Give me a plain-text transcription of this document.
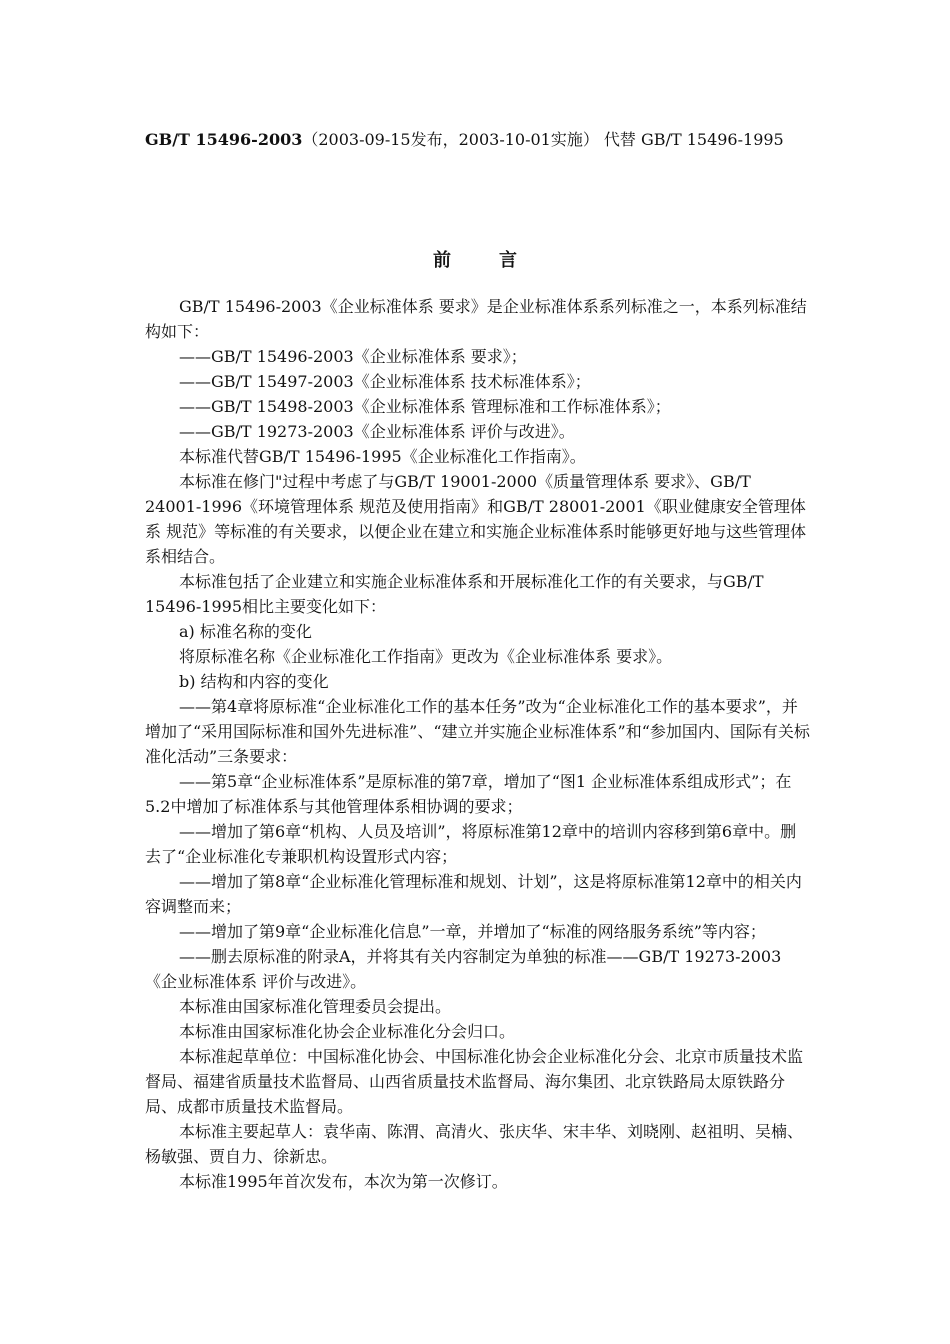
GB/T 15496-2003（2003-09-15发布，2003-10-01实施） 代替 GB/T 15496-1995
前言

GB/T 15496-2003《企业标准体系 要求》是企业标准体系系列标准之一，本系列标准结构如下：

——GB/T 15496-2003《企业标准体系 要求》；

——GB/T 15497-2003《企业标准体系 技术标准体系》；

——GB/T 15498-2003《企业标准体系 管理标准和工作标准体系》；

——GB/T 19273-2003《企业标准体系 评价与改进》。

本标准代替GB/T 15496-1995《企业标准化工作指南》。

本标准在修门"过程中考虑了与GB/T 19001-2000《质量管理体系 要求》、GB/T 24001-1996《环境管理体系 规范及使用指南》和GB/T 28001-2001《职业健康安全管理体系 规范》等标准的有关要求，以便企业在建立和实施企业标准体系时能够更好地与这些管理体系相结合。

本标准包括了企业建立和实施企业标准体系和开展标准化工作的有关要求，与GB/T 15496-1995相比主要变化如下：

a) 标准名称的变化

将原标准名称《企业标准化工作指南》更改为《企业标准体系 要求》。

b) 结构和内容的变化

——第4章将原标准“企业标准化工作的基本任务”改为“企业标准化工作的基本要求”，并增加了“采用国际标准和国外先进标准”、“建立并实施企业标准体系”和“参加国内、国际有关标准化活动”三条要求：

——第5章“企业标准体系”是原标准的第7章，增加了“图1 企业标准体系组成形式”；在5.2中增加了标准体系与其他管理体系相协调的要求；

——增加了第6章“机构、人员及培训”，将原标准第12章中的培训内容移到第6章中。删去了“企业标准化专兼职机构设置形式内容；

——增加了第8章“企业标准化管理标准和规划、计划”，这是将原标准第12章中的相关内容调整而来；

——增加了第9章“企业标准化信息”一章，并增加了“标准的网络服务系统”等内容；

——删去原标准的附录A，并将其有关内容制定为单独的标准——GB/T 19273-2003《企业标准体系 评价与改进》。

本标准由国家标准化管理委员会提出。

本标准由国家标准化协会企业标准化分会归口。

本标准起草单位：中国标准化协会、中国标准化协会企业标准化分会、北京市质量技术监督局、福建省质量技术监督局、山西省质量技术监督局、海尔集团、北京铁路局太原铁路分局、成都市质量技术监督局。

本标准主要起草人：袁华南、陈渭、高清火、张庆华、宋丰华、刘晓刚、赵祖明、吴楠、杨敏强、贾自力、徐新忠。

本标准1995年首次发布，本次为第一次修订。
